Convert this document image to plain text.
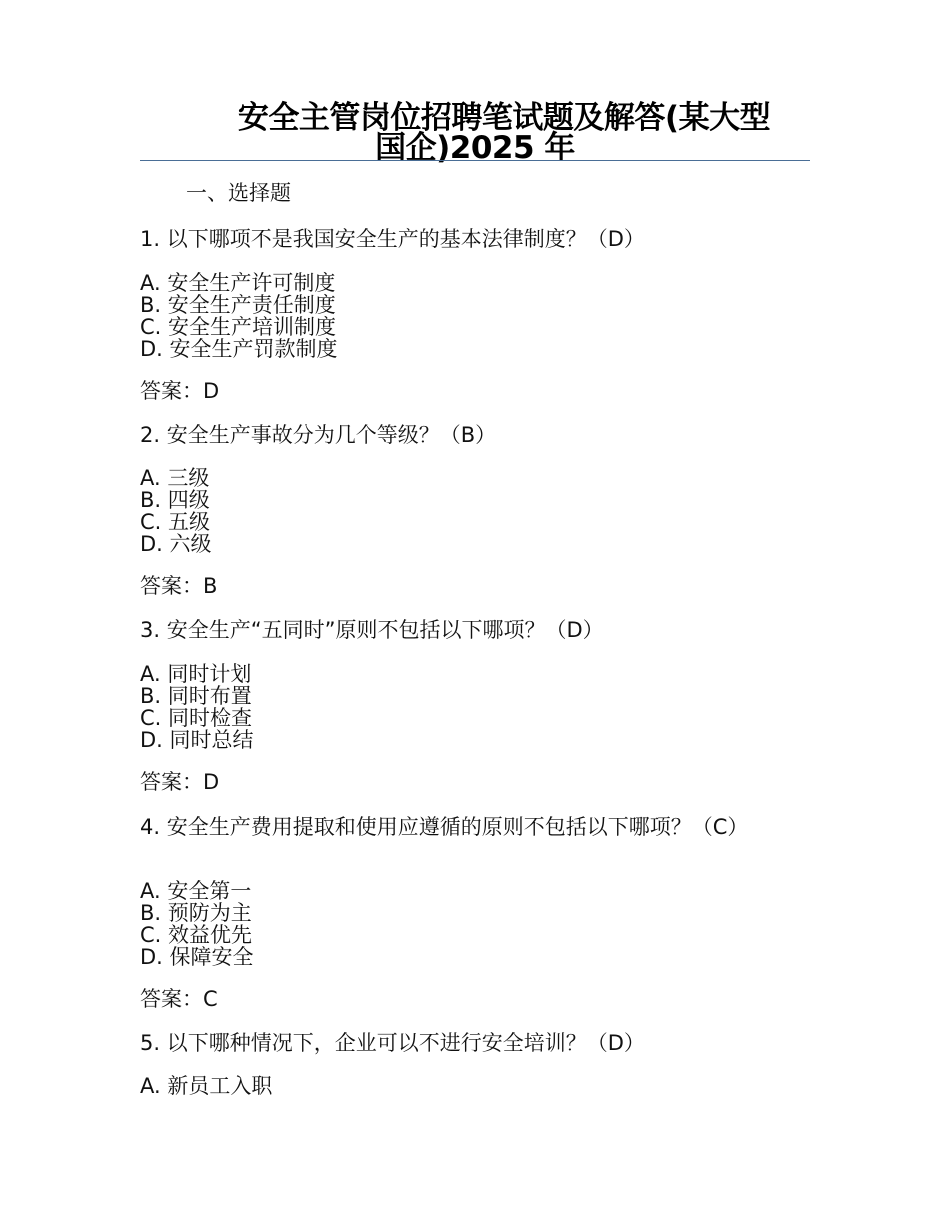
安全主管岗位招聘笔试题及解答(某大型
国企)2025 年
一、选择题
1. 以下哪项不是我国安全生产的基本法律制度？（D）
A. 安全生产许可制度
B. 安全生产责任制度
C. 安全生产培训制度
D. 安全生产罚款制度
答案：D
2. 安全生产事故分为几个等级？（B）
A. 三级
B. 四级
C. 五级
D. 六级
答案：B
3. 安全生产“五同时”原则不包括以下哪项？（D）
A. 同时计划
B. 同时布置
C. 同时检查
D. 同时总结
答案：D
4. 安全生产费用提取和使用应遵循的原则不包括以下哪项？（C）
A. 安全第一
B. 预防为主
C. 效益优先
D. 保障安全
答案：C
5. 以下哪种情况下，企业可以不进行安全培训？（D）
A. 新员工入职
